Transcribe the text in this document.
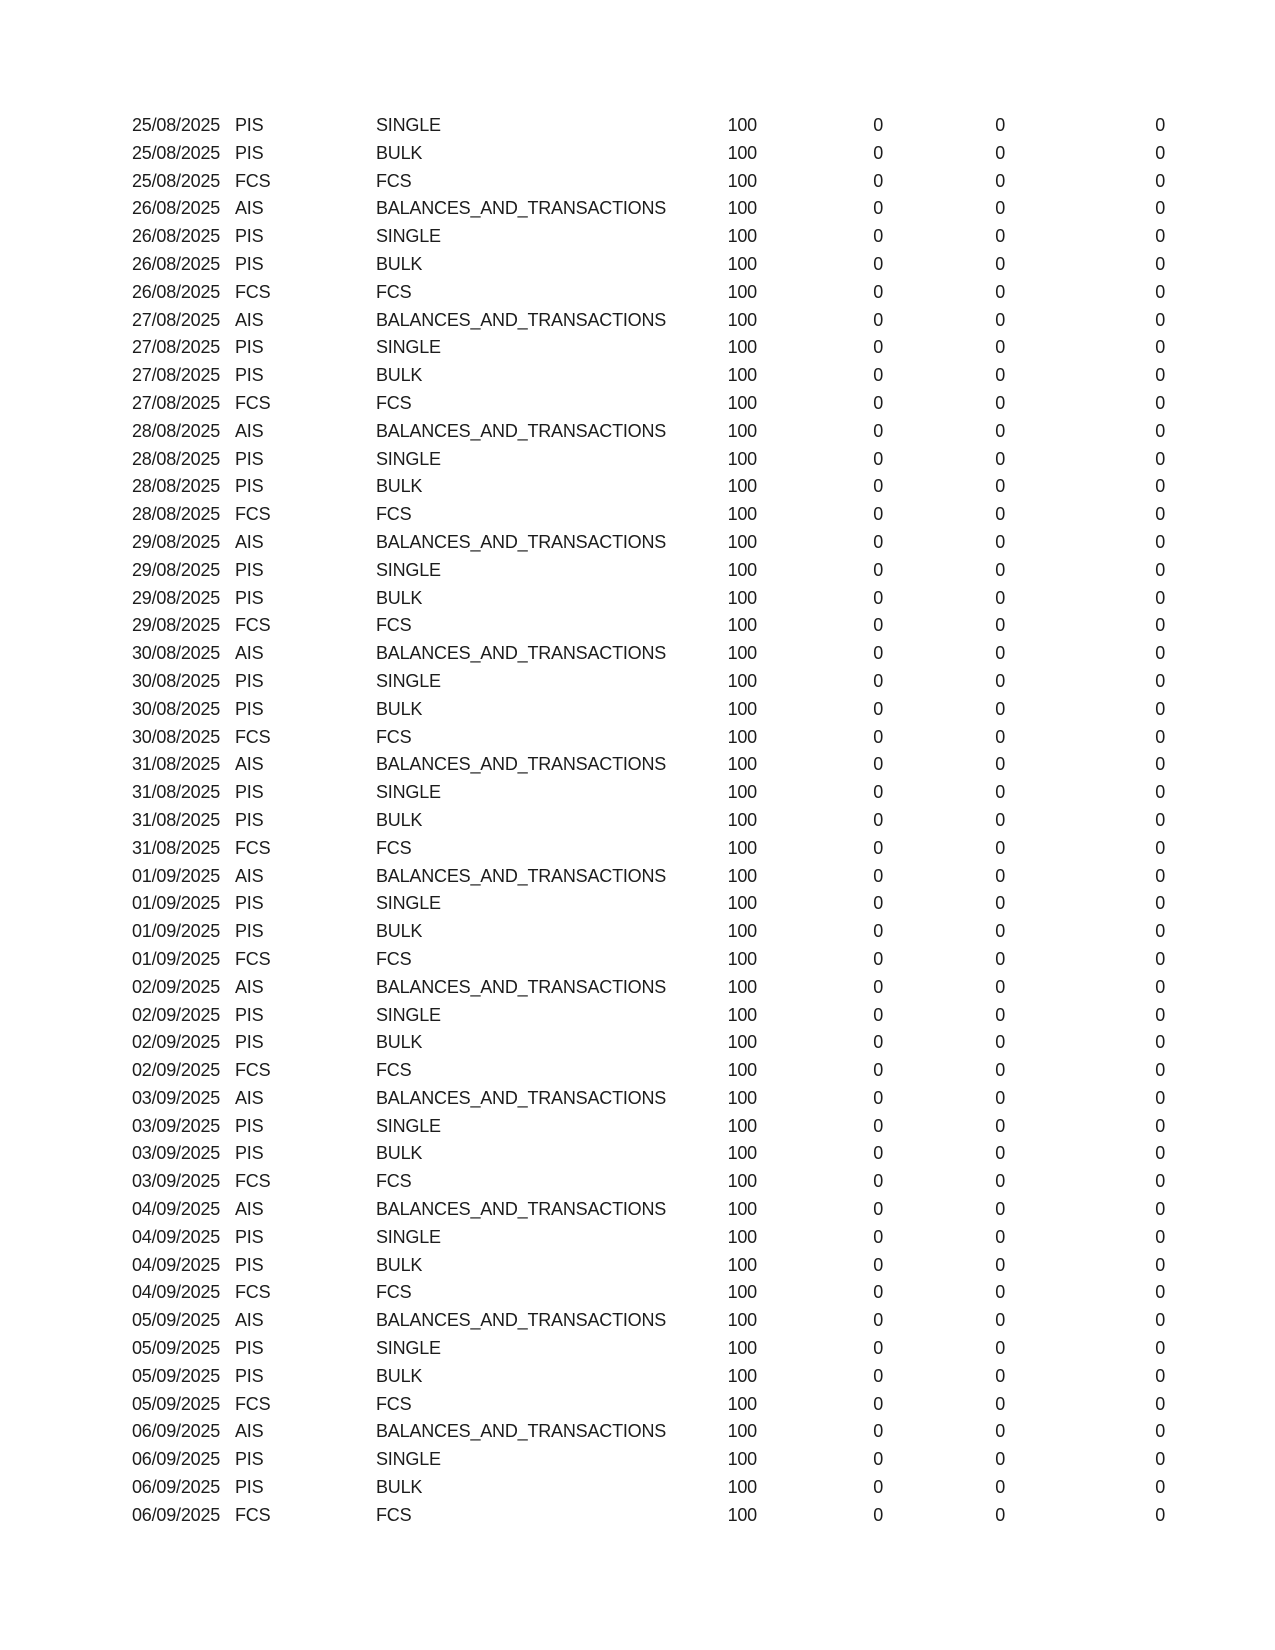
25/08/2025 PIS	SINGLE	100	0	0	0
25/08/2025 PIS	BULK	100	0	0	0
25/08/2025 FCS	FCS	100	0	0	0
26/08/2025 AIS	BALANCES_AND_TRANSACTIONS	100	0	0	0
26/08/2025 PIS	SINGLE	100	0	0	0
26/08/2025 PIS	BULK	100	0	0	0
26/08/2025 FCS	FCS	100	0	0	0
27/08/2025 AIS	BALANCES_AND_TRANSACTIONS	100	0	0	0
27/08/2025 PIS	SINGLE	100	0	0	0
27/08/2025 PIS	BULK	100	0	0	0
27/08/2025 FCS	FCS	100	0	0	0
28/08/2025 AIS	BALANCES_AND_TRANSACTIONS	100	0	0	0
28/08/2025 PIS	SINGLE	100	0	0	0
28/08/2025 PIS	BULK	100	0	0	0
28/08/2025 FCS	FCS	100	0	0	0
29/08/2025 AIS	BALANCES_AND_TRANSACTIONS	100	0	0	0
29/08/2025 PIS	SINGLE	100	0	0	0
29/08/2025 PIS	BULK	100	0	0	0
29/08/2025 FCS	FCS	100	0	0	0
30/08/2025 AIS	BALANCES_AND_TRANSACTIONS	100	0	0	0
30/08/2025 PIS	SINGLE	100	0	0	0
30/08/2025 PIS	BULK	100	0	0	0
30/08/2025 FCS	FCS	100	0	0	0
31/08/2025 AIS	BALANCES_AND_TRANSACTIONS	100	0	0	0
31/08/2025 PIS	SINGLE	100	0	0	0
31/08/2025 PIS	BULK	100	0	0	0
31/08/2025 FCS	FCS	100	0	0	0
01/09/2025 AIS	BALANCES_AND_TRANSACTIONS	100	0	0	0
01/09/2025 PIS	SINGLE	100	0	0	0
01/09/2025 PIS	BULK	100	0	0	0
01/09/2025 FCS	FCS	100	0	0	0
02/09/2025 AIS	BALANCES_AND_TRANSACTIONS	100	0	0	0
02/09/2025 PIS	SINGLE	100	0	0	0
02/09/2025 PIS	BULK	100	0	0	0
02/09/2025 FCS	FCS	100	0	0	0
03/09/2025 AIS	BALANCES_AND_TRANSACTIONS	100	0	0	0
03/09/2025 PIS	SINGLE	100	0	0	0
03/09/2025 PIS	BULK	100	0	0	0
03/09/2025 FCS	FCS	100	0	0	0
04/09/2025 AIS	BALANCES_AND_TRANSACTIONS	100	0	0	0
04/09/2025 PIS	SINGLE	100	0	0	0
04/09/2025 PIS	BULK	100	0	0	0
04/09/2025 FCS	FCS	100	0	0	0
05/09/2025 AIS	BALANCES_AND_TRANSACTIONS	100	0	0	0
05/09/2025 PIS	SINGLE	100	0	0	0
05/09/2025 PIS	BULK	100	0	0	0
05/09/2025 FCS	FCS	100	0	0	0
06/09/2025 AIS	BALANCES_AND_TRANSACTIONS	100	0	0	0
06/09/2025 PIS	SINGLE	100	0	0	0
06/09/2025 PIS	BULK	100	0	0	0
06/09/2025 FCS	FCS	100	0	0	0
